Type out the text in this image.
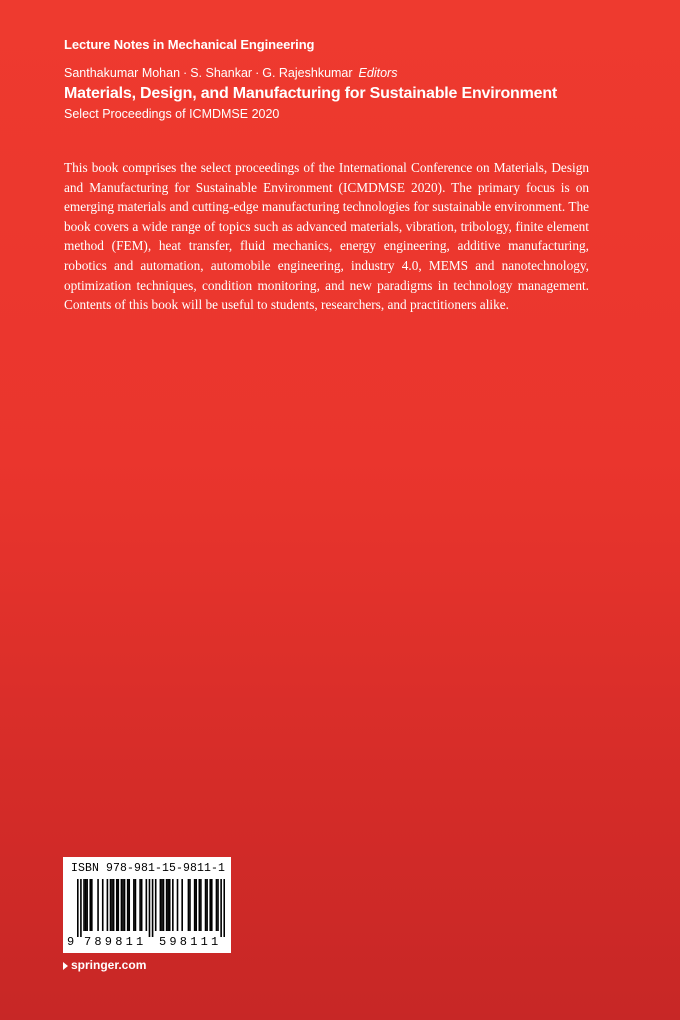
Lecture Notes in Mechanical Engineering
Santhakumar Mohan · S. Shankar · G. Rajeshkumar Editors
Materials, Design, and Manufacturing for Sustainable Environment
Select Proceedings of ICMDMSE 2020

This book comprises the select proceedings of the International Conference on Materials, Design and Manufacturing for Sustainable Environment (ICMDMSE 2020). The primary focus is on emerging materials and cutting-edge manufacturing technologies for sustainable environment. The book covers a wide range of topics such as advanced materials, vibration, tribology, finite element method (FEM), heat transfer, fluid mechanics, energy engineering, additive manufacturing, robotics and automation, automobile engineering, industry 4.0, MEMS and nanotechnology, optimization techniques, condition monitoring, and new paradigms in technology management. Contents of this book will be useful to students, researchers, and practitioners alike.

ISBN 978-981-15-9811-1
9 789811 598111
springer.com
